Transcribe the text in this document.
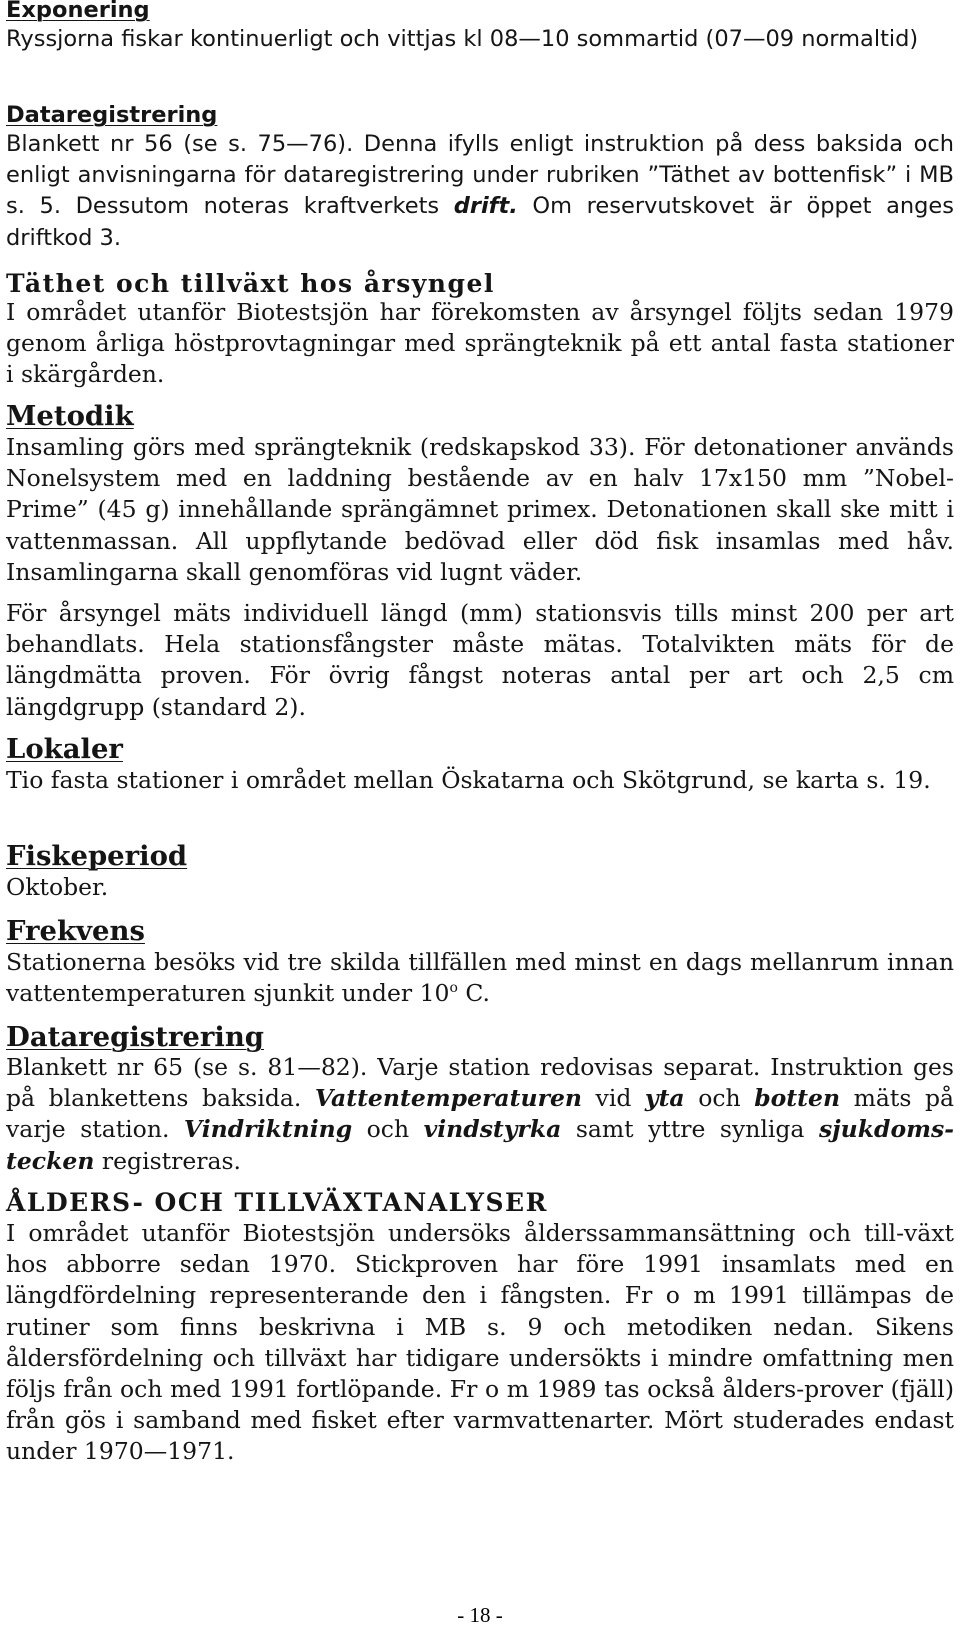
Exponering

Ryssjorna fiskar kontinuerligt och vittjas kl 08—10 sommartid (07—09 normaltid)

Dataregistrering

Blankett nr 56 (se s. 75—76). Denna ifylls enligt instruktion på dess baksida och enligt anvisningarna för dataregistrering under rubriken ”Täthet av bottenfisk” i MB s. 5. Dessutom noteras kraftverkets drift. Om reservutskovet är öppet anges driftkod 3.

Täthet och tillväxt hos årsyngel

I området utanför Biotestsjön har förekomsten av årsyngel följts sedan 1979 genom årliga höstprovtagningar med sprängteknik på ett antal fasta stationer i skärgården.

Metodik

Insamling görs med sprängteknik (redskapskod 33). För detonationer används Nonelsystem med en laddning bestående av en halv 17x150 mm ”Nobel-Prime” (45 g) innehållande sprängämnet primex. Detonationen skall ske mitt i vattenmassan. All uppflytande bedövad eller död fisk insamlas med håv. Insamlingarna skall genomföras vid lugnt väder.

För årsyngel mäts individuell längd (mm) stationsvis tills minst 200 per art behandlats. Hela stationsfångster måste mätas. Totalvikten mäts för de längdmätta proven. För övrig fångst noteras antal per art och 2,5 cm längdgrupp (standard 2).

Lokaler

Tio fasta stationer i området mellan Öskatarna och Skötgrund, se karta s. 19.

Fiskeperiod

Oktober.

Frekvens

Stationerna besöks vid tre skilda tillfällen med minst en dags mellanrum innan vattentemperaturen sjunkit under 10$^o$ C.

Dataregistrering

Blankett nr 65 (se s. 81—82). Varje station redovisas separat. Instruktion ges på blankettens baksida. Vattentemperaturen vid yta och botten mäts på varje station. Vindriktning och vindstyrka samt yttre synliga sjukdoms-tecken registreras.

ÅLDERS- OCH TILLVÄXTANALYSER

I området utanför Biotestsjön undersöks ålderssammansättning och till-växt hos abborre sedan 1970. Stickproven har före 1991 insamlats med en längdfördelning representerande den i fångsten. Fr o m 1991 tillämpas de rutiner som finns beskrivna i MB s. 9 och metodiken nedan. Sikens åldersfördelning och tillväxt har tidigare undersökts i mindre omfattning men följs från och med 1991 fortlöpande. Fr o m 1989 tas också ålders-prover (fjäll) från gös i samband med fisket efter varmvattenarter. Mört studerades endast under 1970—1971.

- 18 -
